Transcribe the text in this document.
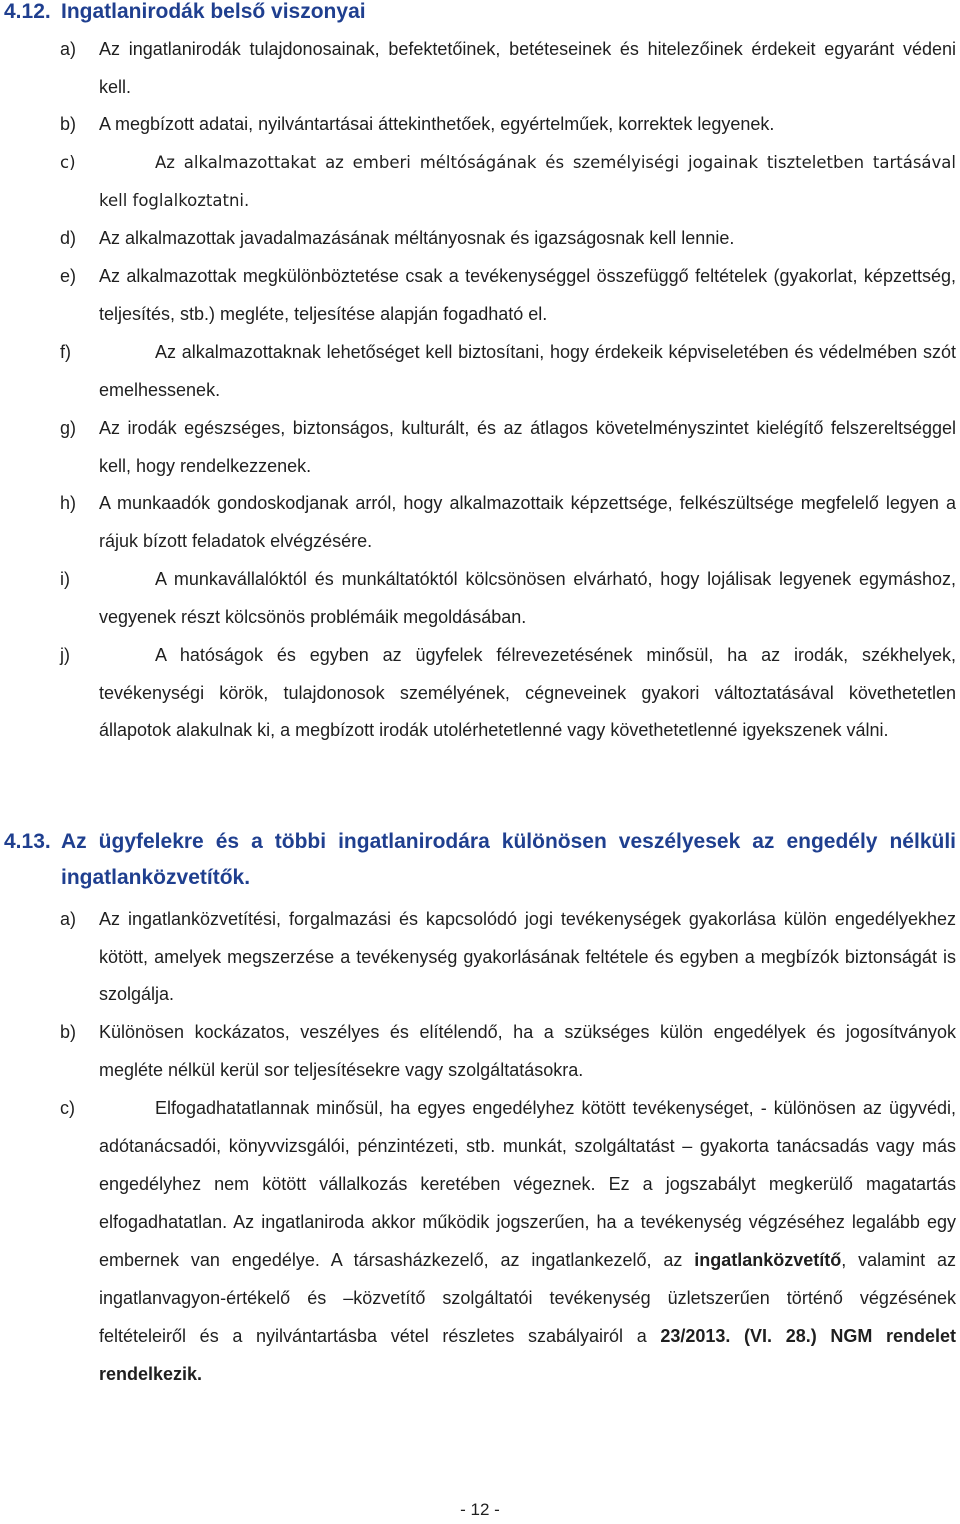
4.12. Ingatlanirodák belső viszonyai
a)	Az ingatlanirodák tulajdonosainak, befektetőinek, betéteseinek és hitelezőinek érdekeit egyaránt védeni kell.
b)	A megbízott adatai, nyilvántartásai áttekinthetőek, egyértelműek, korrektek legyenek.
c)	Az alkalmazottakat az emberi méltóságának és személyiségi jogainak tiszteletben tartásával kell foglalkoztatni.
d)	Az alkalmazottak javadalmazásának méltányosnak és igazságosnak kell lennie.
e)	Az alkalmazottak megkülönböztetése csak a tevékenységgel összefüggő feltételek (gyakorlat, képzettség, teljesítés, stb.) megléte, teljesítése alapján fogadható el.
f)	Az alkalmazottaknak lehetőséget kell biztosítani, hogy érdekeik képviseletében és védelmében szót emelhessenek.
g)	Az irodák egészséges, biztonságos, kulturált, és az átlagos követelményszintet kielégítő felszereltséggel kell, hogy rendelkezzenek.
h)	A munkaadók gondoskodjanak arról, hogy alkalmazottaik képzettsége, felkészültsége megfelelő legyen a rájuk bízott feladatok elvégzésére.
i)	A munkavállalóktól és munkáltatóktól kölcsönösen elvárható, hogy lojálisak legyenek egymáshoz, vegyenek részt kölcsönös problémáik megoldásában.
j)	A hatóságok és egyben az ügyfelek félrevezetésének minősül, ha az irodák, székhelyek, tevékenységi körök, tulajdonosok személyének, cégneveinek gyakori változtatásával követhetetlen állapotok alakulnak ki, a megbízott irodák utolérhetetlenné vagy követhetetlenné igyekszenek válni.
4.13. Az ügyfelekre és a többi ingatlanirodára különösen veszélyesek az engedély nélküli ingatlanközvetítők.
a)	Az ingatlanközvetítési, forgalmazási és kapcsolódó jogi tevékenységek gyakorlása külön engedélyekhez kötött, amelyek megszerzése a tevékenység gyakorlásának feltétele és egyben a megbízók biztonságát is szolgálja.
b)	Különösen kockázatos, veszélyes és elítélendő, ha a szükséges külön engedélyek és jogosítványok megléte nélkül kerül sor teljesítésekre vagy szolgáltatásokra.
c)	Elfogadhatatlannak minősül, ha egyes engedélyhez kötött tevékenységet, - különösen az ügyvédi, adótanácsadói, könyvvizsgálói, pénzintézeti, stb. munkát, szolgáltatást – gyakorta tanácsadás vagy más engedélyhez nem kötött vállalkozás keretében végeznek. Ez a jogszabályt megkerülő magatartás elfogadhatatlan. Az ingatlaniroda akkor működik jogszerűen, ha a tevékenység végzéséhez legalább egy embernek van engedélye. A társasházkezelő, az ingatlankezelő, az ingatlanközvetítő, valamint az ingatlanvagyon-értékelő és –közvetítő szolgáltatói tevékenység üzletszerűen történő végzésének feltételeiről és a nyilvántartásba vétel részletes szabályairól a 23/2013. (VI. 28.) NGM rendelet rendelkezik.
- 12 -
